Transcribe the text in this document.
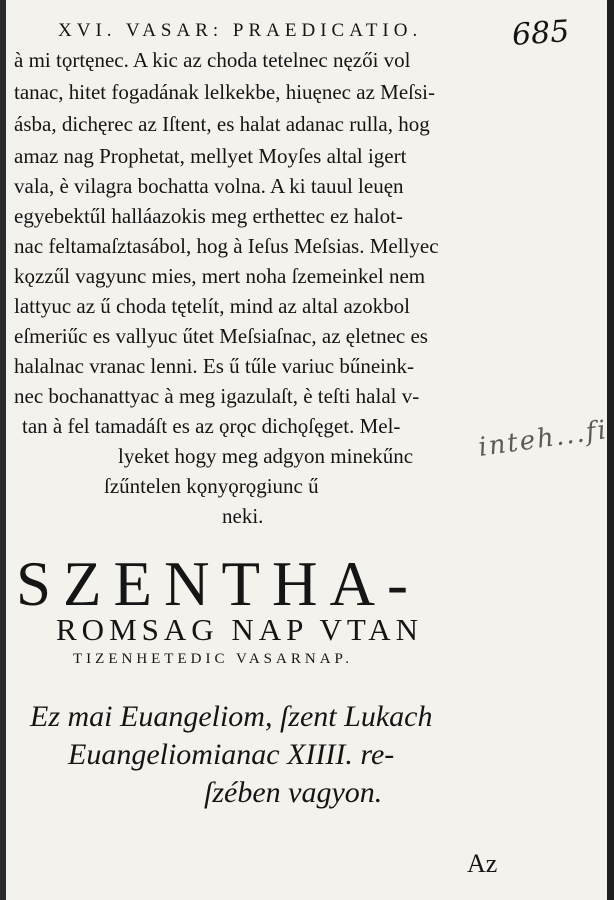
XVI. VASAR: PRAEDICATIO.	685
à mi tǫrtęnec. A kic az choda tetelnec nęzői vol
tanac, hitet fogadának lelkekbe, hiuęnec az Meſsi-
ásba, dichęrec az Iſtent, es halat adanac rulla, hog
amaz nag Prophetat, mellyet Moyſes altal igert
vala, è vilagra bochatta volna. A ki tauul leuęn
egyebektűl halláazokis meg erthettec ez halot-
nac feltamaſztasábol, hog à Ieſus Meſsias. Mellyec
kǫzzűl vagyunc mies, mert noha ſzemeinkel nem
lattyuc az ű choda tętelít, mind az altal azokbol
eſmeriűc es vallyuc űtet Meſsiaſnac, az ęletnec es
halalnac vranac lenni. Es ű tűle variuc bűneink-
nec bochanattyac à meg igazulaſt, è teſti halal v-
tan à fel tamadáſt es az ǫrǫc dichǫſęget. Mel-
lyeket hogy meg adgyon minekűnc
ſzűntelen kǫnyǫrǫgiunc ű
neki.
inteh...fi
SZENTHA-
ROMSAG NAP VTAN
TIZENHETEDIC VASARNAP.
Ez mai Euangeliom, ſzent Lukach
Euangeliomianac XIIII. re-
ſzében vagyon.
Az
